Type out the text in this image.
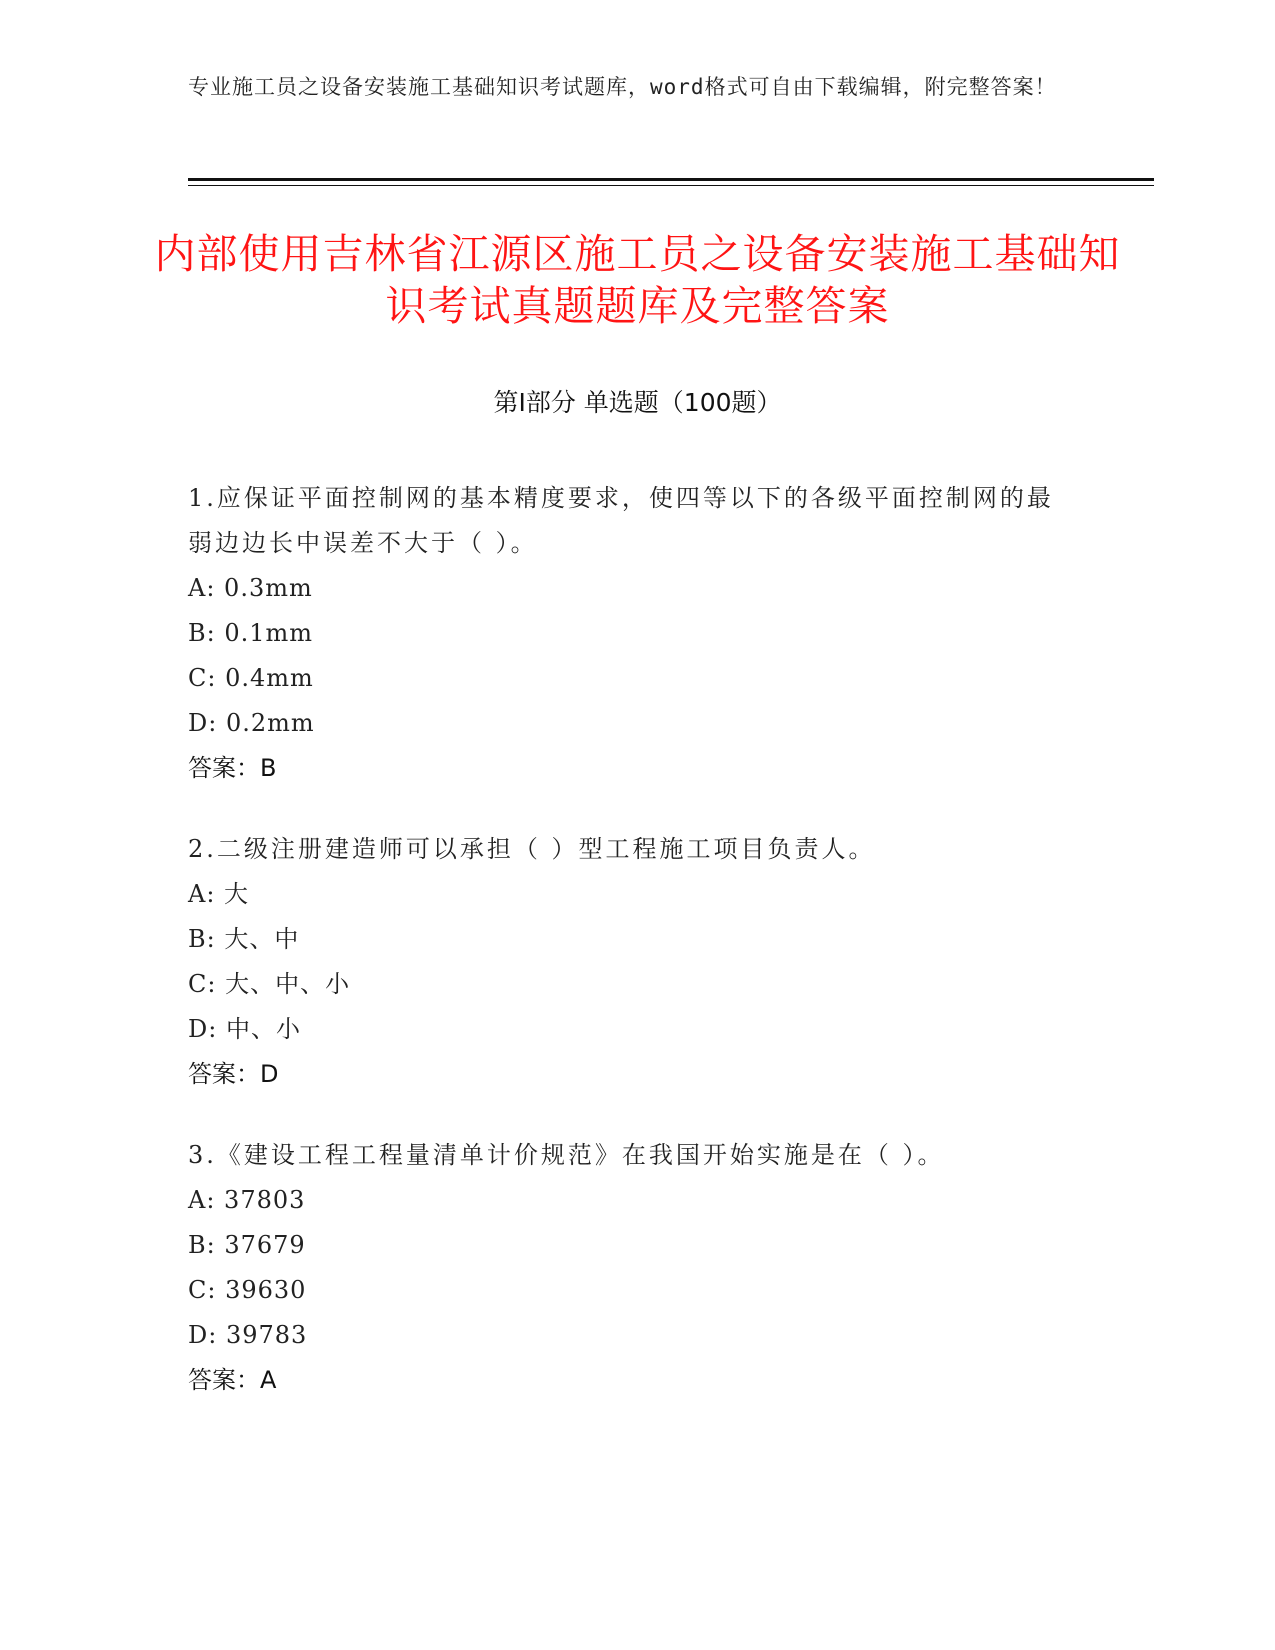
专业施工员之设备安装施工基础知识考试题库，word格式可自由下载编辑，附完整答案！
内部使用吉林省江源区施工员之设备安装施工基础知识考试真题题库及完整答案
第Ⅰ部分 单选题（100题）
1.应保证平面控制网的基本精度要求，使四等以下的各级平面控制网的最弱边边长中误差不大于（ ）。
A: 0.3mm
B: 0.1mm
C: 0.4mm
D: 0.2mm
答案：B
2.二级注册建造师可以承担（ ）型工程施工项目负责人。
A: 大
B: 大、中
C: 大、中、小
D: 中、小
答案：D
3.《建设工程工程量清单计价规范》在我国开始实施是在（ ）。
A: 37803
B: 37679
C: 39630
D: 39783
答案：A
